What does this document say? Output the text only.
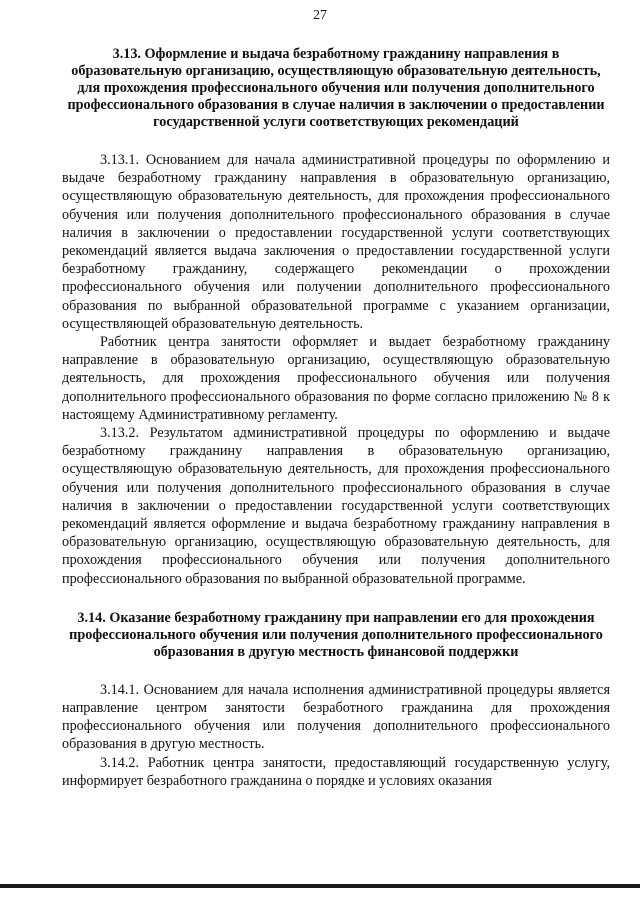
27

3.13. Оформление и выдача безработному гражданину направления в образовательную организацию, осуществляющую образовательную деятельность, для прохождения профессионального обучения или получения дополнительного профессионального образования в случае наличия в заключении о предоставлении государственной услуги соответствующих рекомендаций

3.13.1. Основанием для начала административной процедуры по оформлению и выдаче безработному гражданину направления в образовательную организацию, осуществляющую образовательную деятельность, для прохождения профессионального обучения или получения дополнительного профессионального образования в случае наличия в заключении о предоставлении государственной услуги соответствующих рекомендаций является выдача заключения о предоставлении государственной услуги безработному гражданину, содержащего рекомендации о прохождении профессионального обучения или получении дополнительного профессионального образования по выбранной образовательной программе с указанием организации, осуществляющей образовательную деятельность.

Работник центра занятости оформляет и выдает безработному гражданину направление в образовательную организацию, осуществляющую образовательную деятельность, для прохождения профессионального обучения или получения дополнительного профессионального образования по форме согласно приложению № 8 к настоящему Административному регламенту.

3.13.2. Результатом административной процедуры по оформлению и выдаче безработному гражданину направления в образовательную организацию, осуществляющую образовательную деятельность, для прохождения профессионального обучения или получения дополнительного профессионального образования в случае наличия в заключении о предоставлении государственной услуги соответствующих рекомендаций является оформление и выдача безработному гражданину направления в образовательную организацию, осуществляющую образовательную деятельность, для прохождения профессионального обучения или получения дополнительного профессионального образования по выбранной образовательной программе.

3.14. Оказание безработному гражданину при направлении его для прохождения профессионального обучения или получения дополнительного профессионального образования в другую местность финансовой поддержки

3.14.1. Основанием для начала исполнения административной процедуры является направление центром занятости безработного гражданина для прохождения профессионального обучения или получения дополнительного профессионального образования в другую местность.

3.14.2. Работник центра занятости, предоставляющий государственную услугу, информирует безработного гражданина о порядке и условиях оказания
